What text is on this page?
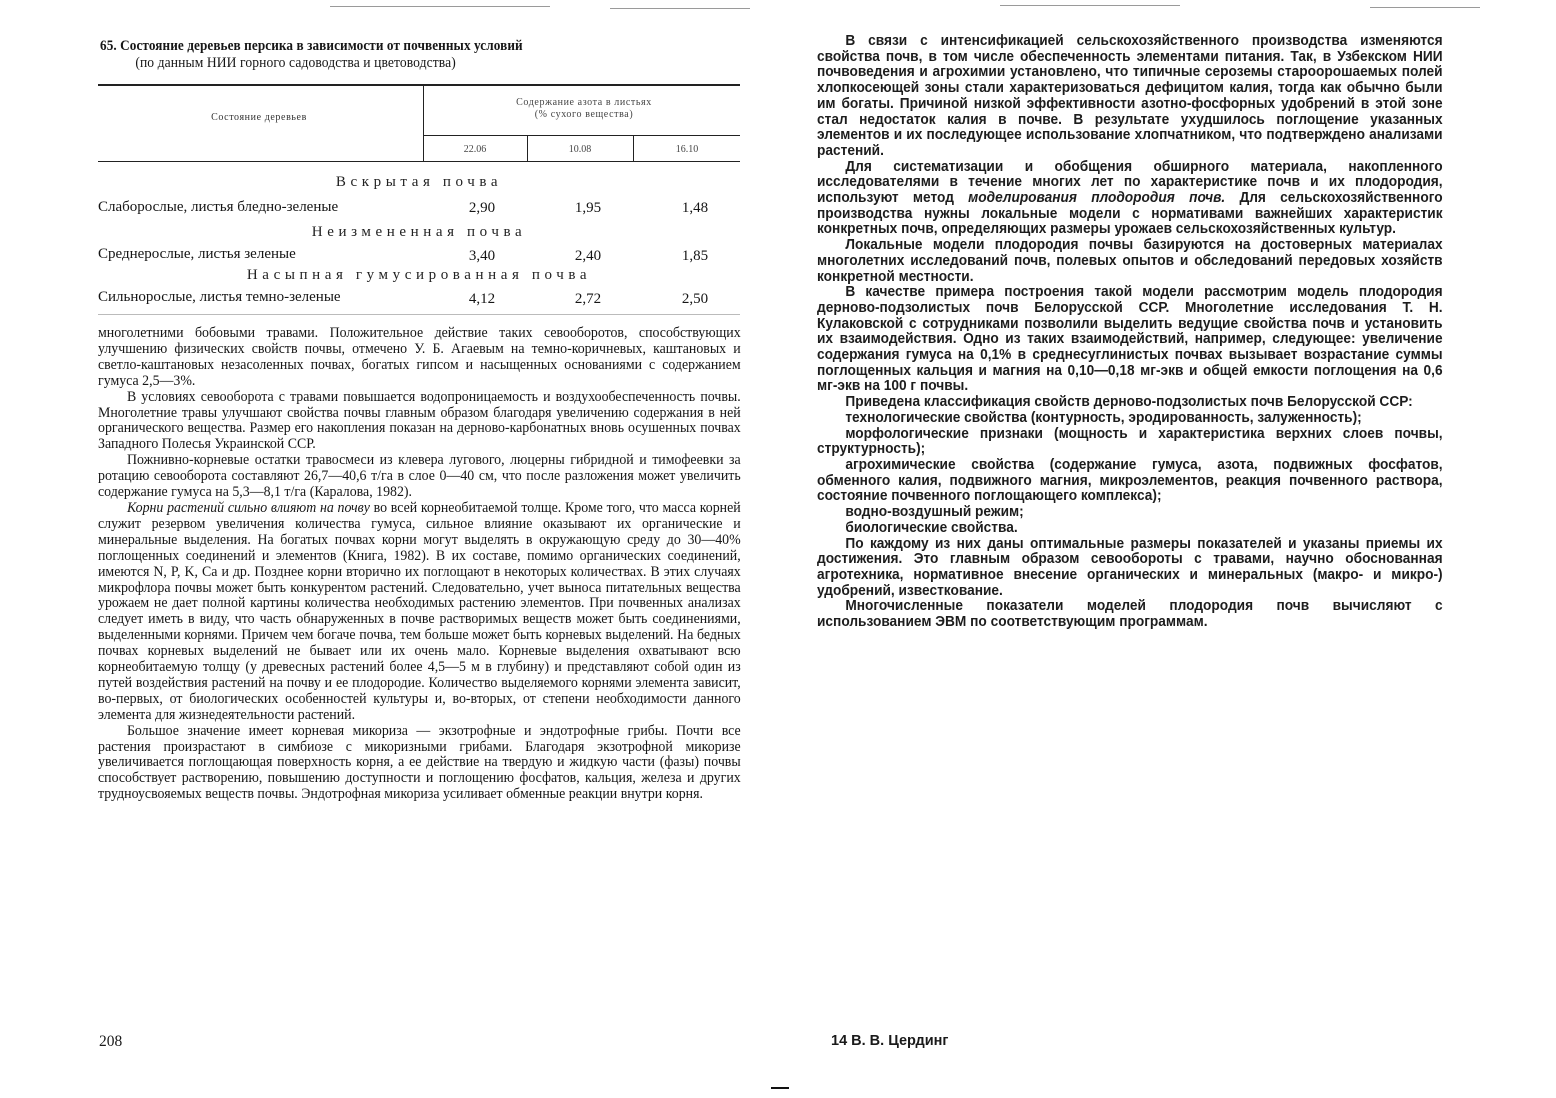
65. Состояние деревьев персика в зависимости от почвенных условий
(по данным НИИ горного садоводства и цветоводства)
Состояние деревьев
Содержание азота в листьях
(% сухого вещества)
22.06	10.08	16.10
Вскрытая почва
Слаборослые, листья бледно-зеленые	2,90	1,95	1,48
Неизмененная почва
Среднерослые, листья зеленые	3,40	2,40	1,85
Насыпная гумусированная почва
Сильнорослые, листья темно-зеленые	4,12	2,72	2,50

многолетними бобовыми травами. Положительное действие таких севооборотов, способствующих улучшению физических свойств почвы, отмечено У. Б. Агаевым на темно-коричневых, каштановых и светло-каштановых незасоленных почвах, богатых гипсом и насыщенных основаниями с содержанием гумуса 2,5—3%.

В условиях севооборота с травами повышается водопроницаемость и воздухообеспеченность почвы. Многолетние травы улучшают свойства почвы главным образом благодаря увеличению содержания в ней органического вещества. Размер его накопления показан на дерново-карбонатных вновь осушенных почвах Западного Полесья Украинской ССР.

Пожнивно-корневые остатки травосмеси из клевера лугового, люцерны гибридной и тимофеевки за ротацию севооборота составляют 26,7—40,6 т/га в слое 0—40 см, что после разложения может увеличить содержание гумуса на 5,3—8,1 т/га (Каралова, 1982).

Корни растений сильно влияют на почву во всей корнеобитаемой толще. Кроме того, что масса корней служит резервом увеличения количества гумуса, сильное влияние оказывают их органические и минеральные выделения. На богатых почвах корни могут выделять в окружающую среду до 30—40% поглощенных соединений и элементов (Книга, 1982). В их составе, помимо органических соединений, имеются N, P, K, Ca и др. Позднее корни вторично их поглощают в некоторых количествах. В этих случаях микрофлора почвы может быть конкурентом растений. Следовательно, учет выноса питательных вещества урожаем не дает полной картины количества необходимых растению элементов. При почвенных анализах следует иметь в виду, что часть обнаруженных в почве растворимых веществ может быть соединениями, выделенными корнями. Причем чем богаче почва, тем больше может быть корневых выделений. На бедных почвах корневых выделений не бывает или их очень мало. Корневые выделения охватывают всю корнеобитаемую толщу (у древесных растений более 4,5—5 м в глубину) и представляют собой один из путей воздействия растений на почву и ее плодородие. Количество выделяемого корнями элемента зависит, во-первых, от биологических особенностей культуры и, во-вторых, от степени необходимости данного элемента для жизнедеятельности растений.

Большое значение имеет корневая микориза — экзотрофные и эндотрофные грибы. Почти все растения произрастают в симбиозе с микоризными грибами. Благодаря экзотрофной микоризе увеличивается поглощающая поверхность корня, а ее действие на твердую и жидкую части (фазы) почвы способствует растворению, повышению доступности и поглощению фосфатов, кальция, железа и других трудноусвояемых веществ почвы. Эндотрофная микориза усиливает обменные реакции внутри корня.

208

В связи с интенсификацией сельскохозяйственного производства изменяются свойства почв, в том числе обеспеченность элементами питания. Так, в Узбекском НИИ почвоведения и агрохимии установлено, что типичные сероземы староорошаемых полей хлопкосеющей зоны стали характеризоваться дефицитом калия, тогда как обычно были им богаты. Причиной низкой эффективности азотно-фосфорных удобрений в этой зоне стал недостаток калия в почве. В результате ухудшилось поглощение указанных элементов и их последующее использование хлопчатником, что подтверждено анализами растений.

Для систематизации и обобщения обширного материала, накопленного исследователями в течение многих лет по характеристике почв и их плодородия, используют метод моделирования плодородия почв. Для сельскохозяйственного производства нужны локальные модели с нормативами важнейших характеристик конкретных почв, определяющих размеры урожаев сельскохозяйственных культур.

Локальные модели плодородия почвы базируются на достоверных материалах многолетних исследований почв, полевых опытов и обследований передовых хозяйств конкретной местности.

В качестве примера построения такой модели рассмотрим модель плодородия дерново-подзолистых почв Белорусской ССР. Многолетние исследования Т. Н. Кулаковской с сотрудниками позволили выделить ведущие свойства почв и установить их взаимодействия. Одно из таких взаимодействий, например, следующее: увеличение содержания гумуса на 0,1% в среднесуглинистых почвах вызывает возрастание суммы поглощенных кальция и магния на 0,10—0,18 мг-экв и общей емкости поглощения на 0,6 мг-экв на 100 г почвы.

Приведена классификация свойств дерново-подзолистых почв Белорусской ССР:

технологические свойства (контурность, эродированность, залуженность);

морфологические признаки (мощность и характеристика верхних слоев почвы, структурность);

агрохимические свойства (содержание гумуса, азота, подвижных фосфатов, обменного калия, подвижного магния, микроэлементов, реакция почвенного раствора, состояние почвенного поглощающего комплекса);

водно-воздушный режим;

биологические свойства.

По каждому из них даны оптимальные размеры показателей и указаны приемы их достижения. Это главным образом севообороты с травами, научно обоснованная агротехника, нормативное внесение органических и минеральных (макро- и микро-) удобрений, известкование.

Многочисленные показатели моделей плодородия почв вычисляют с использованием ЭВМ по соответствующим программам.

14 В. В. Цердинг
